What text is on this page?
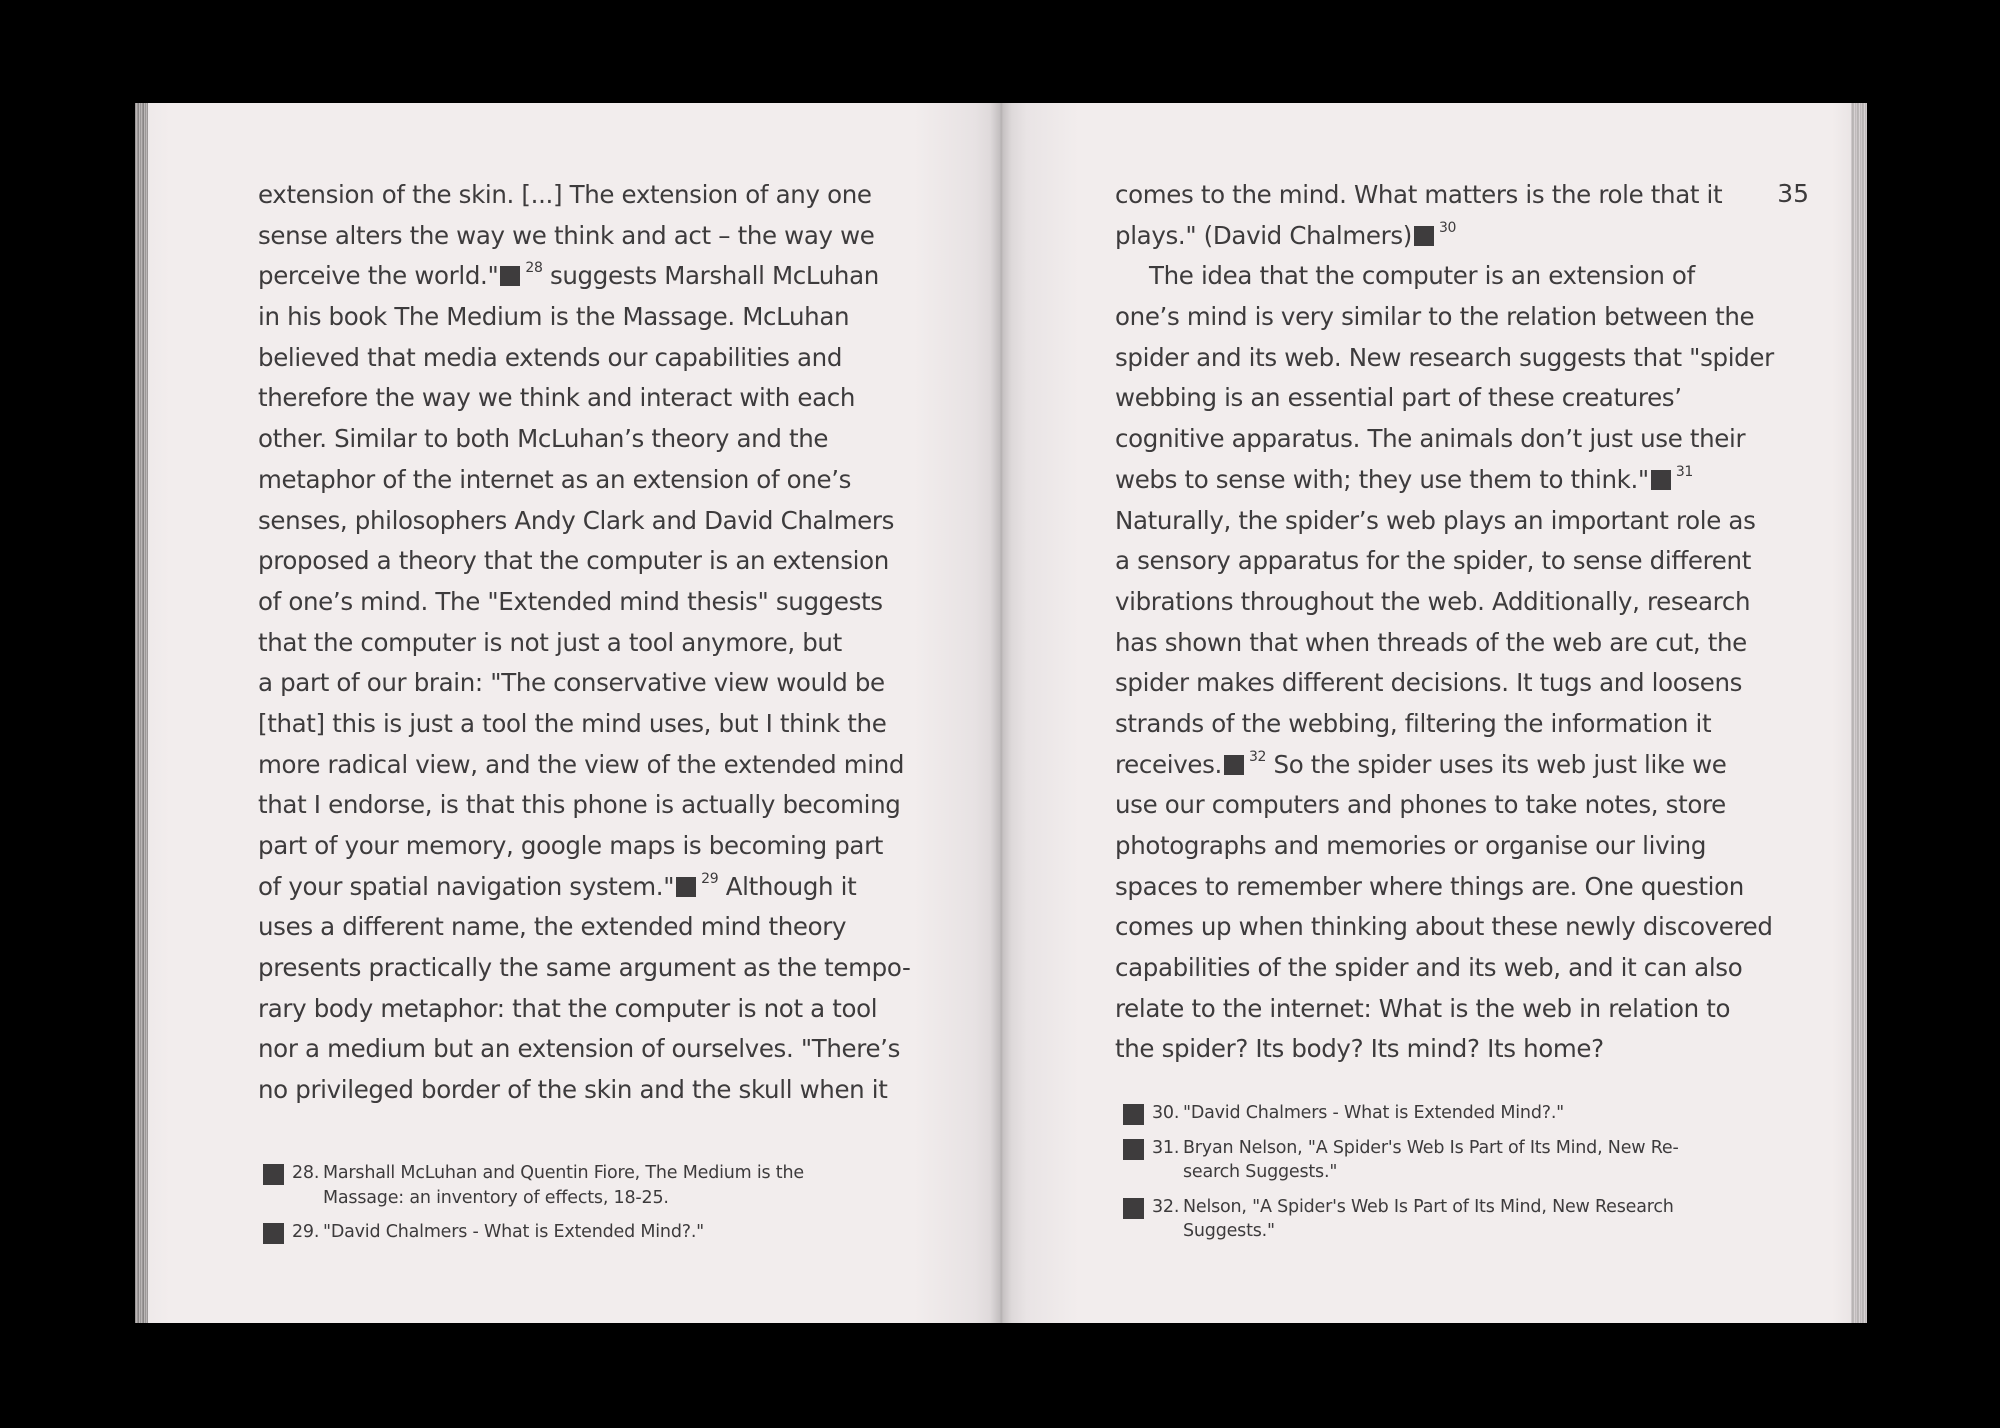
extension of the skin. [...] The extension of any one
sense alters the way we think and act – the way we
perceive the world." $^{28}$ suggests Marshall McLuhan
in his book The Medium is the Massage. McLuhan
believed that media extends our capabilities and
therefore the way we think and interact with each
other. Similar to both McLuhan’s theory and the
metaphor of the internet as an extension of one’s
senses, philosophers Andy Clark and David Chalmers
proposed a theory that the computer is an extension
of one’s mind. The "Extended mind thesis" suggests
that the computer is not just a tool anymore, but
a part of our brain: "The conservative view would be
[that] this is just a tool the mind uses, but I think the
more radical view, and the view of the extended mind
that I endorse, is that this phone is actually becoming
part of your memory, google maps is becoming part
of your spatial navigation system." $^{29}$ Although it
uses a different name, the extended mind theory
presents practically the same argument as the tempo-
rary body metaphor: that the computer is not a tool
nor a medium but an extension of ourselves. "There’s
no privileged border of the skin and the skull when it
28. Marshall McLuhan and Quentin Fiore, The Medium is the
Massage: an inventory of effects, 18-25.
29. "David Chalmers - What is Extended Mind?."
35
comes to the mind. What matters is the role that it
plays." (David Chalmers) $^{30}$
The idea that the computer is an extension of
one’s mind is very similar to the relation between the
spider and its web. New research suggests that "spider
webbing is an essential part of these creatures’
cognitive apparatus. The animals don’t just use their
webs to sense with; they use them to think." $^{31}$
Naturally, the spider’s web plays an important role as
a sensory apparatus for the spider, to sense different
vibrations throughout the web. Additionally, research
has shown that when threads of the web are cut, the
spider makes different decisions. It tugs and loosens
strands of the webbing, filtering the information it
receives. $^{32}$ So the spider uses its web just like we
use our computers and phones to take notes, store
photographs and memories or organise our living
spaces to remember where things are. One question
comes up when thinking about these newly discovered
capabilities of the spider and its web, and it can also
relate to the internet: What is the web in relation to
the spider? Its body? Its mind? Its home?
30. "David Chalmers - What is Extended Mind?."
31. Bryan Nelson, "A Spider's Web Is Part of Its Mind, New Re-
search Suggests."
32. Nelson, "A Spider's Web Is Part of Its Mind, New Research
Suggests."
